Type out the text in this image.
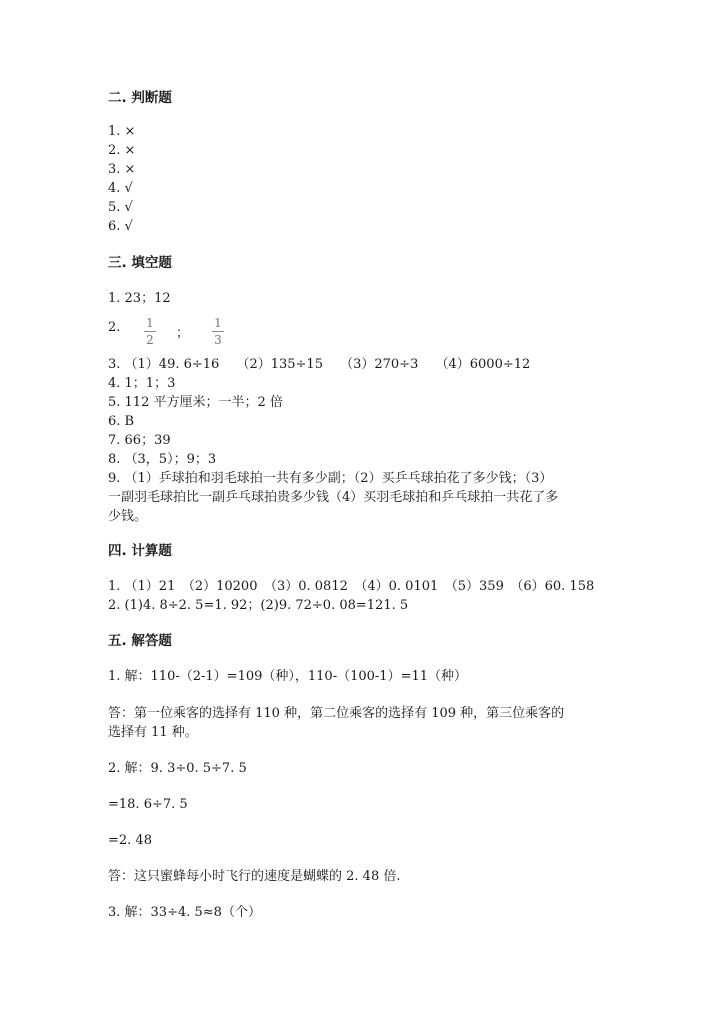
二. 判断题
1. ×
2. ×
3. ×
4. √
5. √
6. √
三. 填空题
1. 23；12
2. 1
2 ；
1
3
3. （1）49. 6÷16　 （2）135÷15　 （3）270÷3　 （4）6000÷12
4. 1；1；3
5. 112 平方厘米；一半；2 倍
6. B
7. 66；39
8. （3，5）；9；3
9. （1）乒球拍和羽毛球拍一共有多少副；（2）买乒乓球拍花了多少钱；（3）
一副羽毛球拍比一副乒乓球拍贵多少钱（4）买羽毛球拍和乒乓球拍一共花了多
少钱。
四. 计算题
1. （1）21　（2）10200　（3）0. 0812　（4）0. 0101　（5）359　（6）60. 158
2. (1)4. 8÷2. 5=1. 92；(2)9. 72÷0. 08=121. 5
五. 解答题
1. 解：110-（2-1）=109（种），110-（100-1）=11（种）
答：第一位乘客的选择有 110 种，第二位乘客的选择有 109 种，第三位乘客的
选择有 11 种。
2. 解：9. 3÷0. 5÷7. 5
=18. 6÷7. 5
=2. 48
答：这只蜜蜂每小时飞行的速度是蝴蝶的 2. 48 倍.
3. 解：33÷4. 5≈8（个）
